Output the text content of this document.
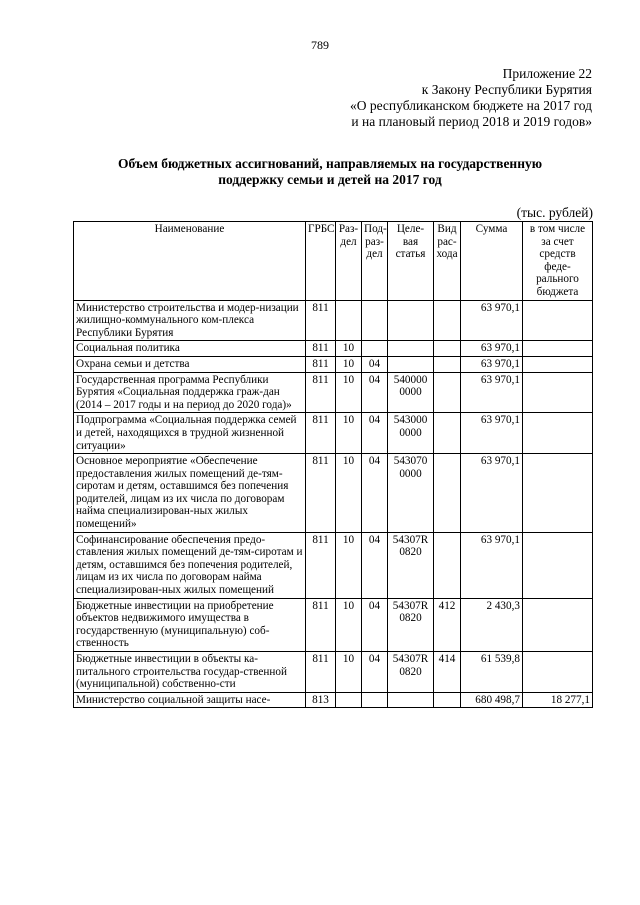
789
Приложение 22
к Закону Республики Бурятия
«О республиканском бюджете на 2017 год
и на плановый период 2018 и 2019 годов»
Объем бюджетных ассигнований, направляемых на государственную
поддержку семьи и детей на 2017 год
(тыс. рублей)
Наименование	ГРБС	Раз-дел	Под-раз-дел	Целе-вая статья	Вид рас-хода	Сумма	в том числе за счет средств феде-рального бюджета
Министерство строительства и модер-низации жилищно-коммунального ком-плекса Республики Бурятия	811					63 970,1	
Социальная политика	811	10				63 970,1	
Охрана семьи и детства	811	10	04			63 970,1	
Государственная программа Республики Бурятия «Социальная поддержка граж-дан (2014 – 2017 годы и на период до 2020 года)»	811	10	04	540000 0000		63 970,1	
Подпрограмма «Социальная поддержка семей и детей, находящихся в трудной жизненной ситуации»	811	10	04	543000 0000		63 970,1	
Основное мероприятие «Обеспечение предоставления жилых помещений де-тям-сиротам и детям, оставшимся без попечения родителей, лицам из их числа по договорам найма специализирован-ных жилых помещений»	811	10	04	543070 0000		63 970,1	
Софинансирование обеспечения предо-ставления жилых помещений де-тям-сиротам и детям, оставшимся без попечения родителей, лицам из их числа по договорам найма специализирован-ных жилых помещений	811	10	04	54307R 0820		63 970,1	
Бюджетные инвестиции на приобретение объектов недвижимого имущества в государственную (муниципальную) соб-ственность	811	10	04	54307R 0820	412	2 430,3	
Бюджетные инвестиции в объекты ка-питального строительства государ-ственной (муниципальной) собственно-сти	811	10	04	54307R 0820	414	61 539,8	
Министерство социальной защиты насе-	813					680 498,7	18 277,1
